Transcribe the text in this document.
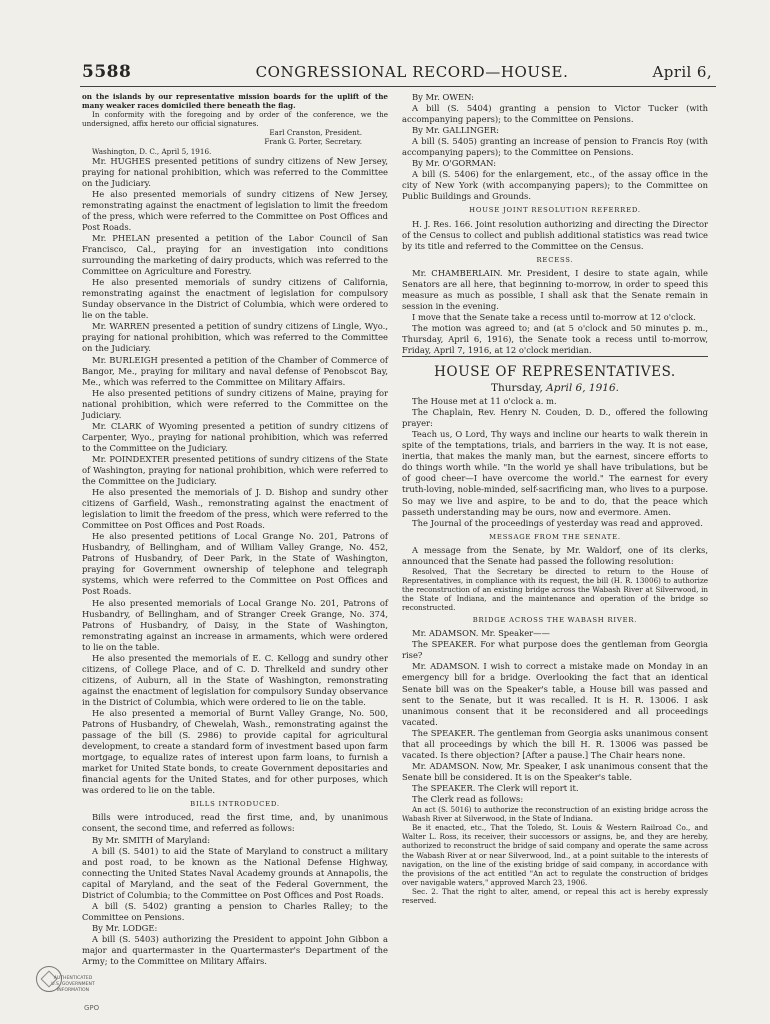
5588	CONGRESSIONAL RECORD—HOUSE.	April 6,

on the islands by our representative mission boards for the uplift of the many weaker races domiciled there beneath the flag.

In conformity with the foregoing and by order of the conference, we the undersigned, affix hereto our official signatures.

Earl Cranston, President.

Frank G. Porter, Secretary.

Washington, D. C., April 5, 1916.

Mr. HUGHES presented petitions of sundry citizens of New Jersey, praying for national prohibition, which was referred to the Committee on the Judiciary.

He also presented memorials of sundry citizens of New Jersey, remonstrating against the enactment of legislation to limit the freedom of the press, which were referred to the Committee on Post Offices and Post Roads.

Mr. PHELAN presented a petition of the Labor Council of San Francisco, Cal., praying for an investigation into conditions surrounding the marketing of dairy products, which was referred to the Committee on Agriculture and Forestry.

He also presented memorials of sundry citizens of California, remonstrating against the enactment of legislation for compulsory Sunday observance in the District of Columbia, which were ordered to lie on the table.

Mr. WARREN presented a petition of sundry citizens of Lingle, Wyo., praying for national prohibition, which was referred to the Committee on the Judiciary.

Mr. BURLEIGH presented a petition of the Chamber of Commerce of Bangor, Me., praying for military and naval defense of Penobscot Bay, Me., which was referred to the Committee on Military Affairs.

He also presented petitions of sundry citizens of Maine, praying for national prohibition, which were referred to the Committee on the Judiciary.

Mr. CLARK of Wyoming presented a petition of sundry citizens of Carpenter, Wyo., praying for national prohibition, which was referred to the Committee on the Judiciary.

Mr. POINDEXTER presented petitions of sundry citizens of the State of Washington, praying for national prohibition, which were referred to the Committee on the Judiciary.

He also presented the memorials of J. D. Bishop and sundry other citizens of Garfield, Wash., remonstrating against the enactment of legislation to limit the freedom of the press, which were referred to the Committee on Post Offices and Post Roads.

He also presented petitions of Local Grange No. 201, Patrons of Husbandry, of Bellingham, and of William Valley Grange, No. 452, Patrons of Husbandry, of Deer Park, in the State of Washington, praying for Government ownership of telephone and telegraph systems, which were referred to the Committee on Post Offices and Post Roads.

He also presented memorials of Local Grange No. 201, Patrons of Husbandry, of Bellingham, and of Stranger Creek Grange, No. 374, Patrons of Husbandry, of Daisy, in the State of Washington, remonstrating against an increase in armaments, which were ordered to lie on the table.

He also presented the memorials of E. C. Kellogg and sundry other citizens, of College Place, and of C. D. Threlkeld and sundry other citizens, of Auburn, all in the State of Washington, remonstrating against the enactment of legislation for compulsory Sunday observance in the District of Columbia, which were ordered to lie on the table.

He also presented a memorial of Burnt Valley Grange, No. 500, Patrons of Husbandry, of Chewelah, Wash., remonstrating against the passage of the bill (S. 2986) to provide capital for agricultural development, to create a standard form of investment based upon farm mortgage, to equalize rates of interest upon farm loans, to furnish a market for United State bonds, to create Government depositaries and financial agents for the United States, and for other purposes, which was ordered to lie on the table.

BILLS INTRODUCED.

Bills were introduced, read the first time, and, by unanimous consent, the second time, and referred as follows:

By Mr. SMITH of Maryland:

A bill (S. 5401) to aid the State of Maryland to construct a military and post road, to be known as the National Defense Highway, connecting the United States Naval Academy grounds at Annapolis, the capital of Maryland, and the seat of the Federal Government, the District of Columbia; to the Committee on Post Offices and Post Roads.

A bill (S. 5402) granting a pension to Charles Ralley; to the Committee on Pensions.

By Mr. LODGE:

A bill (S. 5403) authorizing the President to appoint John Gibbon a major and quartermaster in the Quartermaster's Department of the Army; to the Committee on Military Affairs.

By Mr. OWEN:

A bill (S. 5404) granting a pension to Victor Tucker (with accompanying papers); to the Committee on Pensions.

By Mr. GALLINGER:

A bill (S. 5405) granting an increase of pension to Francis Roy (with accompanying papers); to the Committee on Pensions.

By Mr. O'GORMAN:

A bill (S. 5406) for the enlargement, etc., of the assay office in the city of New York (with accompanying papers); to the Committee on Public Buildings and Grounds.

HOUSE JOINT RESOLUTION REFERRED.

H. J. Res. 166. Joint resolution authorizing and directing the Director of the Census to collect and publish additional statistics was read twice by its title and referred to the Committee on the Census.

RECESS.

Mr. CHAMBERLAIN. Mr. President, I desire to state again, while Senators are all here, that beginning to-morrow, in order to speed this measure as much as possible, I shall ask that the Senate remain in session in the evening.

I move that the Senate take a recess until to-morrow at 12 o'clock.

The motion was agreed to; and (at 5 o'clock and 50 minutes p. m., Thursday, April 6, 1916), the Senate took a recess until to-morrow, Friday, April 7, 1916, at 12 o'clock meridian.

HOUSE OF REPRESENTATIVES.

Thursday, April 6, 1916.

The House met at 11 o'clock a. m.

The Chaplain, Rev. Henry N. Couden, D. D., offered the following prayer:

Teach us, O Lord, Thy ways and incline our hearts to walk therein in spite of the temptations, trials, and barriers in the way. It is not ease, inertia, that makes the manly man, but the earnest, sincere efforts to do things worth while. "In the world ye shall have tribulations, but be of good cheer—I have overcome the world." The earnest for every truth-loving, noble-minded, self-sacrificing man, who lives to a purpose. So may we live and aspire, to be and to do, that the peace which passeth understanding may be ours, now and evermore. Amen.

The Journal of the proceedings of yesterday was read and approved.

MESSAGE FROM THE SENATE.

A message from the Senate, by Mr. Waldorf, one of its clerks, announced that the Senate had passed the following resolution:

Resolved, That the Secretary be directed to return to the House of Representatives, in compliance with its request, the bill (H. R. 13006) to authorize the reconstruction of an existing bridge across the Wabash River at Silverwood, in the State of Indiana, and the maintenance and operation of the bridge so reconstructed.

BRIDGE ACROSS THE WABASH RIVER.

Mr. ADAMSON. Mr. Speaker——

The SPEAKER. For what purpose does the gentleman from Georgia rise?

Mr. ADAMSON. I wish to correct a mistake made on Monday in an emergency bill for a bridge. Overlooking the fact that an identical Senate bill was on the Speaker's table, a House bill was passed and sent to the Senate, but it was recalled. It is H. R. 13006. I ask unanimous consent that it be reconsidered and all proceedings vacated.

The SPEAKER. The gentleman from Georgia asks unanimous consent that all proceedings by which the bill H. R. 13006 was passed be vacated. Is there objection? [After a pause.] The Chair hears none.

Mr. ADAMSON. Now, Mr. Speaker, I ask unanimous consent that the Senate bill be considered. It is on the Speaker's table.

The SPEAKER. The Clerk will report it.

The Clerk read as follows:

An act (S. 5016) to authorize the reconstruction of an existing bridge across the Wabash River at Silverwood, in the State of Indiana.

Be it enacted, etc., That the Toledo, St. Louis & Western Railroad Co., and Walter L. Ross, its receiver, their successors or assigns, be, and they are hereby, authorized to reconstruct the bridge of said company and operate the same across the Wabash River at or near Silverwood, Ind., at a point suitable to the interests of navigation, on the line of the existing bridge of said company, in accordance with the provisions of the act entitled "An act to regulate the construction of bridges over navigable waters," approved March 23, 1906.

Sec. 2. That the right to alter, amend, or repeal this act is hereby expressly reserved.

AUTHENTICATED
U.S. GOVERNMENT
INFORMATION
GPO
